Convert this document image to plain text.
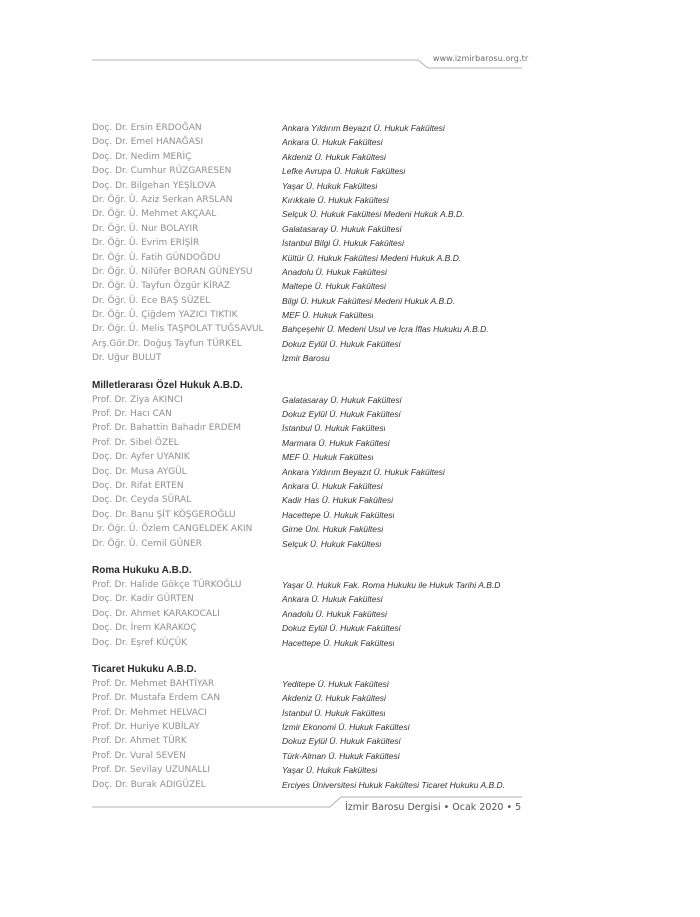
www.izmirbarosu.org.tr
Doç. Dr. Ersin ERDOĞAN	Ankara Yıldırım Beyazıt Ü. Hukuk Fakültesi
Doç. Dr. Emel HANAĞASI	Ankara Ü. Hukuk Fakültesi
Doç. Dr. Nedim MERİÇ	Akdeniz Ü. Hukuk Fakültesi
Doç. Dr. Cumhur RÜZGARESEN	Lefke Avrupa Ü. Hukuk Fakültesi
Doç. Dr. Bilgehan YEŞİLOVA	Yaşar Ü. Hukuk Fakültesi
Dr. Öğr. Ü. Aziz Serkan ARSLAN	Kırıkkale Ü. Hukuk Fakültesi
Dr. Öğr. Ü. Mehmet AKÇAAL	Selçuk Ü. Hukuk Fakültesi Medeni Hukuk A.B.D.
Dr. Öğr. Ü. Nur BOLAYIR	Galatasaray Ü. Hukuk Fakültesi
Dr. Öğr. Ü. Evrim ERİŞİR	İstanbul Bilgi Ü. Hukuk Fakültesi
Dr. Öğr. Ü. Fatih GÜNDOĞDU	Kültür Ü. Hukuk Fakültesi Medeni Hukuk A.B.D.
Dr. Öğr. Ü. Nilüfer BORAN GÜNEYSU	Anadolu Ü. Hukuk Fakültesi
Dr. Öğr. Ü. Tayfun Özgür KİRAZ	Maltepe Ü. Hukuk Fakültesi
Dr. Öğr. Ü. Ece BAŞ SÜZEL	Bilgi Ü. Hukuk Fakültesi Medeni Hukuk A.B.D.
Dr. Öğr. Ü. Çiğdem YAZICI TIKTIK	MEF Ü. Hukuk Fakültesi
Dr. Öğr. Ü. Melis TAŞPOLAT TUĞSAVUL	Bahçeşehir Ü. Medeni Usul ve İcra İflas Hukuku A.B.D.
Arş.Gör.Dr. Doğuş Tayfun TÜRKEL	Dokuz Eylül Ü. Hukuk Fakültesi
Dr. Uğur BULUT	İzmir Barosu
Milletlerarası Özel Hukuk A.B.D.
Prof. Dr. Ziya AKINCI	Galatasaray Ü. Hukuk Fakültesi
Prof. Dr. Hacı CAN	Dokuz Eylül Ü. Hukuk Fakültesi
Prof. Dr. Bahattin Bahadır ERDEM	İstanbul Ü. Hukuk Fakültesi
Prof. Dr. Sibel ÖZEL	Marmara Ü. Hukuk Fakültesi
Doç. Dr. Ayfer UYANIK	MEF Ü. Hukuk Fakültesi
Doç. Dr. Musa AYGÜL	Ankara Yıldırım Beyazıt Ü. Hukuk Fakültesi
Doç. Dr. Rifat ERTEN	Ankara Ü. Hukuk Fakültesi
Doç. Dr. Ceyda SÜRAL	Kadir Has Ü. Hukuk Fakültesi
Doç. Dr. Banu ŞİT KÖŞGEROĞLU	Hacettepe Ü. Hukuk Fakültesi
Dr. Öğr. Ü. Özlem CANGELDEK AKIN	Girne Üni. Hukuk Fakültesi
Dr. Öğr. Ü. Cemil GÜNER	Selçuk Ü. Hukuk Fakültesi
Roma Hukuku A.B.D.
Prof. Dr. Halide Gökçe TÜRKOĞLU	Yaşar Ü. Hukuk Fak. Roma Hukuku ile Hukuk Tarihi A.B.D
Doç. Dr. Kadir GÜRTEN	Ankara Ü. Hukuk Fakültesi
Doç. Dr. Ahmet KARAKOCALI	Anadolu Ü. Hukuk Fakültesi
Doç. Dr. İrem KARAKOÇ	Dokuz Eylül Ü. Hukuk Fakültesi
Doç. Dr. Eşref KÜÇÜK	Hacettepe Ü. Hukuk Fakültesi
Ticaret Hukuku A.B.D.
Prof. Dr. Mehmet BAHTİYAR	Yeditepe Ü. Hukuk Fakültesi
Prof. Dr. Mustafa Erdem CAN	Akdeniz Ü. Hukuk Fakültesi
Prof. Dr. Mehmet HELVACI	İstanbul Ü. Hukuk Fakültesi
Prof. Dr. Huriye KUBİLAY	İzmir Ekonomi Ü. Hukuk Fakültesi
Prof. Dr. Ahmet TÜRK	Dokuz Eylül Ü. Hukuk Fakültesi
Prof. Dr. Vural SEVEN	Türk-Alman Ü. Hukuk Fakültesi
Prof. Dr. Sevilay UZUNALLI	Yaşar Ü. Hukuk Fakültesi
Doç. Dr. Burak ADIGÜZEL	Erciyes Üniversitesi Hukuk Fakültesi Ticaret Hukuku A.B.D.
İzmir Barosu Dergisi • Ocak 2020 • 5
